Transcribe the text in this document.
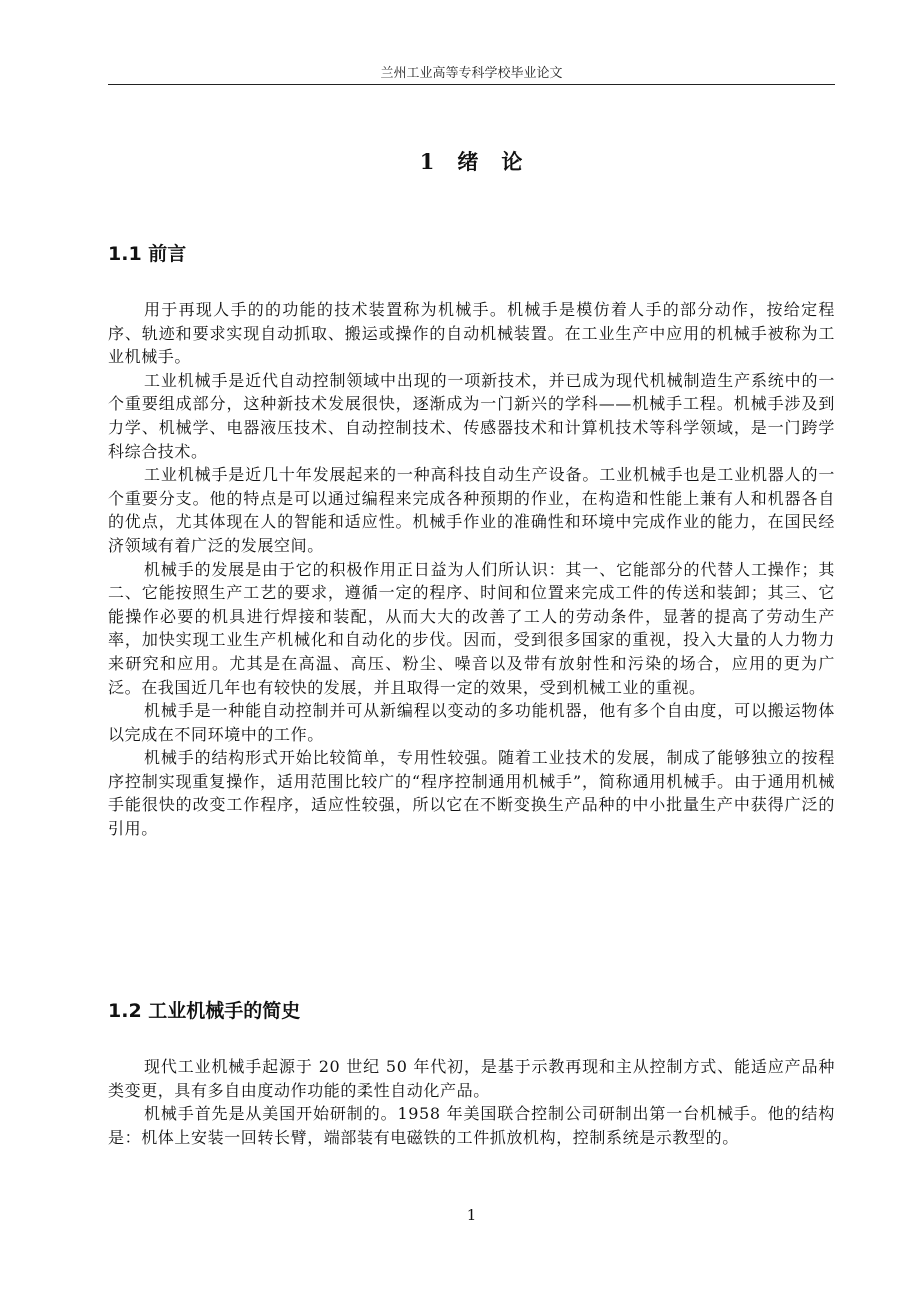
兰州工业高等专科学校毕业论文
1 绪 论
1.1 前言

用于再现人手的的功能的技术装置称为机械手。机械手是模仿着人手的部分动作，按给定程序、轨迹和要求实现自动抓取、搬运或操作的自动机械装置。在工业生产中应用的机械手被称为工业机械手。

工业机械手是近代自动控制领域中出现的一项新技术，并已成为现代机械制造生产系统中的一个重要组成部分，这种新技术发展很快，逐渐成为一门新兴的学科——机械手工程。机械手涉及到力学、机械学、电器液压技术、自动控制技术、传感器技术和计算机技术等科学领域，是一门跨学科综合技术。

工业机械手是近几十年发展起来的一种高科技自动生产设备。工业机械手也是工业机器人的一个重要分支。他的特点是可以通过编程来完成各种预期的作业，在构造和性能上兼有人和机器各自的优点，尤其体现在人的智能和适应性。机械手作业的准确性和环境中完成作业的能力，在国民经济领域有着广泛的发展空间。

机械手的发展是由于它的积极作用正日益为人们所认识：其一、它能部分的代替人工操作；其二、它能按照生产工艺的要求，遵循一定的程序、时间和位置来完成工件的传送和装卸；其三、它能操作必要的机具进行焊接和装配，从而大大的改善了工人的劳动条件，显著的提高了劳动生产率，加快实现工业生产机械化和自动化的步伐。因而，受到很多国家的重视，投入大量的人力物力来研究和应用。尤其是在高温、高压、粉尘、噪音以及带有放射性和污染的场合，应用的更为广泛。在我国近几年也有较快的发展，并且取得一定的效果，受到机械工业的重视。

机械手是一种能自动控制并可从新编程以变动的多功能机器，他有多个自由度，可以搬运物体以完成在不同环境中的工作。

机械手的结构形式开始比较简单，专用性较强。随着工业技术的发展，制成了能够独立的按程序控制实现重复操作，适用范围比较广的“程序控制通用机械手”，简称通用机械手。由于通用机械手能很快的改变工作程序，适应性较强，所以它在不断变换生产品种的中小批量生产中获得广泛的引用。

1.2 工业机械手的简史

现代工业机械手起源于 20 世纪 50 年代初，是基于示教再现和主从控制方式、能适应产品种类变更，具有多自由度动作功能的柔性自动化产品。

机械手首先是从美国开始研制的。1958 年美国联合控制公司研制出第一台机械手。他的结构是：机体上安装一回转长臂，端部装有电磁铁的工件抓放机构，控制系统是示教型的。

1
